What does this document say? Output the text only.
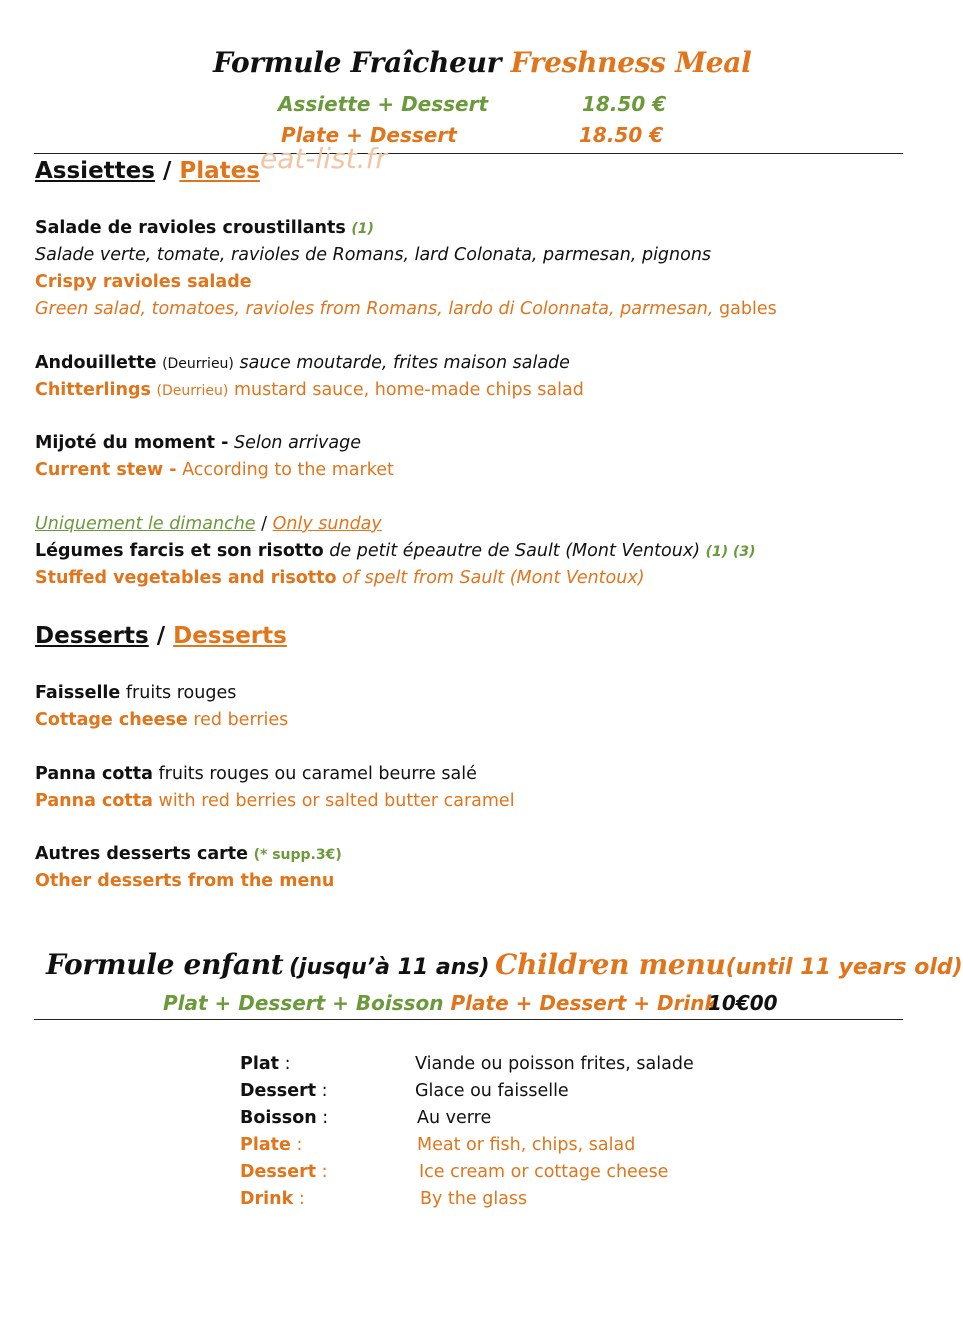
Formule Fraîcheur Freshness Meal
Assiette + Dessert	18.50 €
Plate + Dessert	18.50 €
eat-list.fr
Assiettes / Plates
Salade de ravioles croustillants (1)
Salade verte, tomate, ravioles de Romans, lard Colonata, parmesan, pignons
Crispy ravioles salade
Green salad, tomatoes, ravioles from Romans, lardo di Colonnata, parmesan, gables
Andouillette (Deurrieu) sauce moutarde, frites maison salade
Chitterlings (Deurrieu) mustard sauce, home-made chips salad
Mijoté du moment - Selon arrivage
Current stew - According to the market
Uniquement le dimanche / Only sunday
Légumes farcis et son risotto de petit épeautre de Sault (Mont Ventoux) (1) (3)
Stuffed vegetables and risotto of spelt from Sault (Mont Ventoux)
Desserts / Desserts
Faisselle fruits rouges
Cottage cheese red berries
Panna cotta fruits rouges ou caramel beurre salé
Panna cotta with red berries or salted butter caramel
Autres desserts carte (* supp.3€)
Other desserts from the menu
Formule enfant (jusqu’à 11 ans) Children menu(until 11 years old)
Plat + Dessert + Boisson Plate + Dessert + Drink
10€00
Plat :	Viande ou poisson frites, salade
Dessert :	Glace ou faisselle
Boisson :	Au verre
Plate :	Meat or fish, chips, salad
Dessert :	Ice cream or cottage cheese
Drink :	By the glass
